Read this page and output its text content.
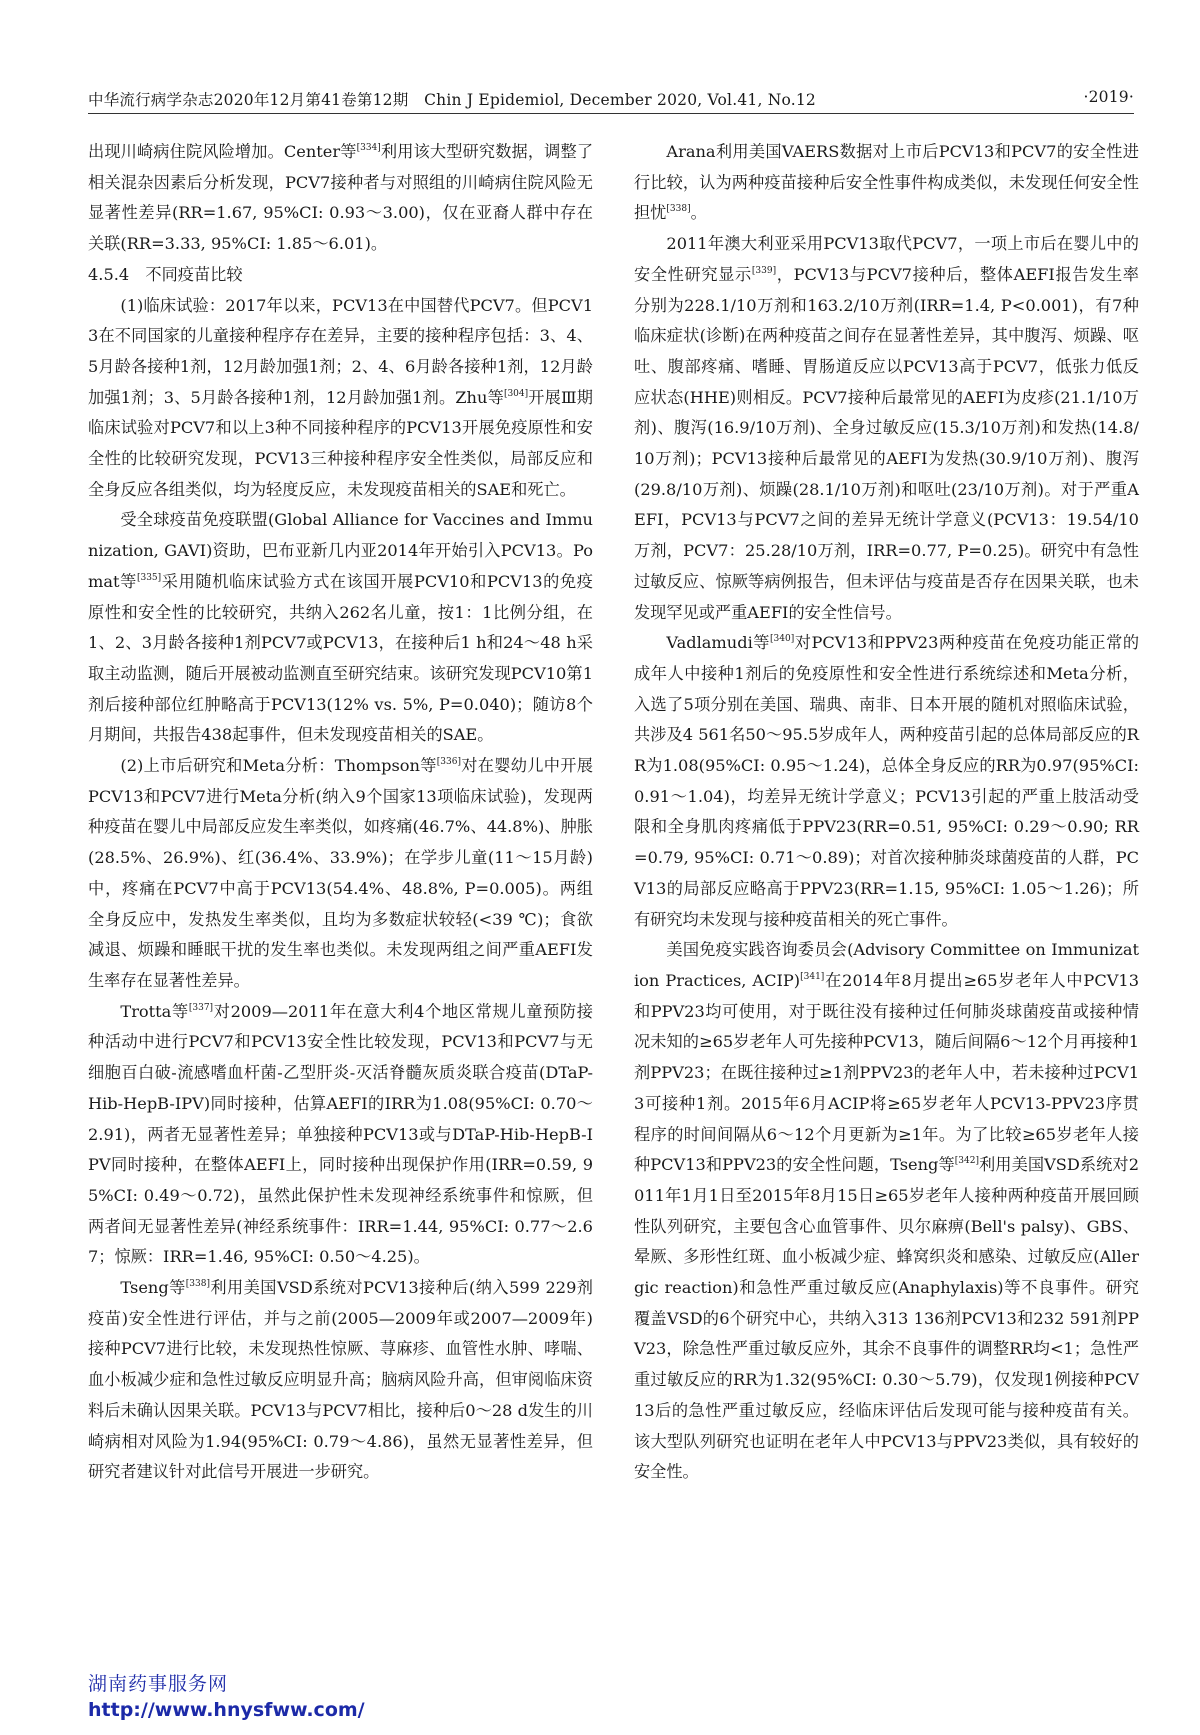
中华流行病学杂志2020年12月第41卷第12期　Chin J Epidemiol, December 2020, Vol.41, No.12	·2019·

出现川崎病住院风险增加。Center等[334]利用该大型研究数据，调整了相关混杂因素后分析发现，PCV7接种者与对照组的川崎病住院风险无显著性差异(RR=1.67, 95%CI: 0.93～3.00)，仅在亚裔人群中存在关联(RR=3.33, 95%CI: 1.85～6.01)。

4.5.4　不同疫苗比较

(1)临床试验：2017年以来，PCV13在中国替代PCV7。但PCV13在不同国家的儿童接种程序存在差异，主要的接种程序包括：3、4、5月龄各接种1剂，12月龄加强1剂；2、4、6月龄各接种1剂，12月龄加强1剂；3、5月龄各接种1剂，12月龄加强1剂。Zhu等[304]开展Ⅲ期临床试验对PCV7和以上3种不同接种程序的PCV13开展免疫原性和安全性的比较研究发现，PCV13三种接种程序安全性类似，局部反应和全身反应各组类似，均为轻度反应，未发现疫苗相关的SAE和死亡。

受全球疫苗免疫联盟(Global Alliance for Vaccines and Immunization, GAVI)资助，巴布亚新几内亚2014年开始引入PCV13。Pomat等[335]采用随机临床试验方式在该国开展PCV10和PCV13的免疫原性和安全性的比较研究，共纳入262名儿童，按1：1比例分组，在1、2、3月龄各接种1剂PCV7或PCV13，在接种后1 h和24～48 h采取主动监测，随后开展被动监测直至研究结束。该研究发现PCV10第1剂后接种部位红肿略高于PCV13(12% vs. 5%, P=0.040)；随访8个月期间，共报告438起事件，但未发现疫苗相关的SAE。

(2)上市后研究和Meta分析：Thompson等[336]对在婴幼儿中开展PCV13和PCV7进行Meta分析(纳入9个国家13项临床试验)，发现两种疫苗在婴儿中局部反应发生率类似，如疼痛(46.7%、44.8%)、肿胀(28.5%、26.9%)、红(36.4%、33.9%)；在学步儿童(11～15月龄)中，疼痛在PCV7中高于PCV13(54.4%、48.8%, P=0.005)。两组全身反应中，发热发生率类似，且均为多数症状较轻(<39 ℃)；食欲减退、烦躁和睡眠干扰的发生率也类似。未发现两组之间严重AEFI发生率存在显著性差异。

Trotta等[337]对2009—2011年在意大利4个地区常规儿童预防接种活动中进行PCV7和PCV13安全性比较发现，PCV13和PCV7与无细胞百白破-流感嗜血杆菌-乙型肝炎-灭活脊髓灰质炎联合疫苗(DTaP-Hib-HepB-IPV)同时接种，估算AEFI的IRR为1.08(95%CI: 0.70～2.91)，两者无显著性差异；单独接种PCV13或与DTaP-Hib-HepB-IPV同时接种，在整体AEFI上，同时接种出现保护作用(IRR=0.59, 95%CI: 0.49～0.72)，虽然此保护性未发现神经系统事件和惊厥，但两者间无显著性差异(神经系统事件：IRR=1.44, 95%CI: 0.77～2.67；惊厥：IRR=1.46, 95%CI: 0.50～4.25)。

Tseng等[338]利用美国VSD系统对PCV13接种后(纳入599 229剂疫苗)安全性进行评估，并与之前(2005—2009年或2007—2009年)接种PCV7进行比较，未发现热性惊厥、荨麻疹、血管性水肿、哮喘、血小板减少症和急性过敏反应明显升高；脑病风险升高，但审阅临床资料后未确认因果关联。PCV13与PCV7相比，接种后0～28 d发生的川崎病相对风险为1.94(95%CI: 0.79～4.86)，虽然无显著性差异，但研究者建议针对此信号开展进一步研究。

Arana利用美国VAERS数据对上市后PCV13和PCV7的安全性进行比较，认为两种疫苗接种后安全性事件构成类似，未发现任何安全性担忧[338]。

2011年澳大利亚采用PCV13取代PCV7，一项上市后在婴儿中的安全性研究显示[339]，PCV13与PCV7接种后，整体AEFI报告发生率分别为228.1/10万剂和163.2/10万剂(IRR=1.4, P<0.001)，有7种临床症状(诊断)在两种疫苗之间存在显著性差异，其中腹泻、烦躁、呕吐、腹部疼痛、嗜睡、胃肠道反应以PCV13高于PCV7，低张力低反应状态(HHE)则相反。PCV7接种后最常见的AEFI为皮疹(21.1/10万剂)、腹泻(16.9/10万剂)、全身过敏反应(15.3/10万剂)和发热(14.8/10万剂)；PCV13接种后最常见的AEFI为发热(30.9/10万剂)、腹泻(29.8/10万剂)、烦躁(28.1/10万剂)和呕吐(23/10万剂)。对于严重AEFI，PCV13与PCV7之间的差异无统计学意义(PCV13：19.54/10万剂，PCV7：25.28/10万剂，IRR=0.77, P=0.25)。研究中有急性过敏反应、惊厥等病例报告，但未评估与疫苗是否存在因果关联，也未发现罕见或严重AEFI的安全性信号。

Vadlamudi等[340]对PCV13和PPV23两种疫苗在免疫功能正常的成年人中接种1剂后的免疫原性和安全性进行系统综述和Meta分析，入选了5项分别在美国、瑞典、南非、日本开展的随机对照临床试验，共涉及4 561名50～95.5岁成年人，两种疫苗引起的总体局部反应的RR为1.08(95%CI: 0.95～1.24)，总体全身反应的RR为0.97(95%CI: 0.91～1.04)，均差异无统计学意义；PCV13引起的严重上肢活动受限和全身肌肉疼痛低于PPV23(RR=0.51, 95%CI: 0.29～0.90; RR=0.79, 95%CI: 0.71～0.89)；对首次接种肺炎球菌疫苗的人群，PCV13的局部反应略高于PPV23(RR=1.15, 95%CI: 1.05～1.26)；所有研究均未发现与接种疫苗相关的死亡事件。

美国免疫实践咨询委员会(Advisory Committee on Immunization Practices, ACIP)[341]在2014年8月提出≥65岁老年人中PCV13和PPV23均可使用，对于既往没有接种过任何肺炎球菌疫苗或接种情况未知的≥65岁老年人可先接种PCV13，随后间隔6～12个月再接种1剂PPV23；在既往接种过≥1剂PPV23的老年人中，若未接种过PCV13可接种1剂。2015年6月ACIP将≥65岁老年人PCV13-PPV23序贯程序的时间间隔从6～12个月更新为≥1年。为了比较≥65岁老年人接种PCV13和PPV23的安全性问题，Tseng等[342]利用美国VSD系统对2011年1月1日至2015年8月15日≥65岁老年人接种两种疫苗开展回顾性队列研究，主要包含心血管事件、贝尔麻痹(Bell's palsy)、GBS、晕厥、多形性红斑、血小板减少症、蜂窝织炎和感染、过敏反应(Allergic reaction)和急性严重过敏反应(Anaphylaxis)等不良事件。研究覆盖VSD的6个研究中心，共纳入313 136剂PCV13和232 591剂PPV23，除急性严重过敏反应外，其余不良事件的调整RR均<1；急性严重过敏反应的RR为1.32(95%CI: 0.30～5.79)，仅发现1例接种PCV13后的急性严重过敏反应，经临床评估后发现可能与接种疫苗有关。该大型队列研究也证明在老年人中PCV13与PPV23类似，具有较好的安全性。

湖南药事服务网
http://www.hnysfww.com/
